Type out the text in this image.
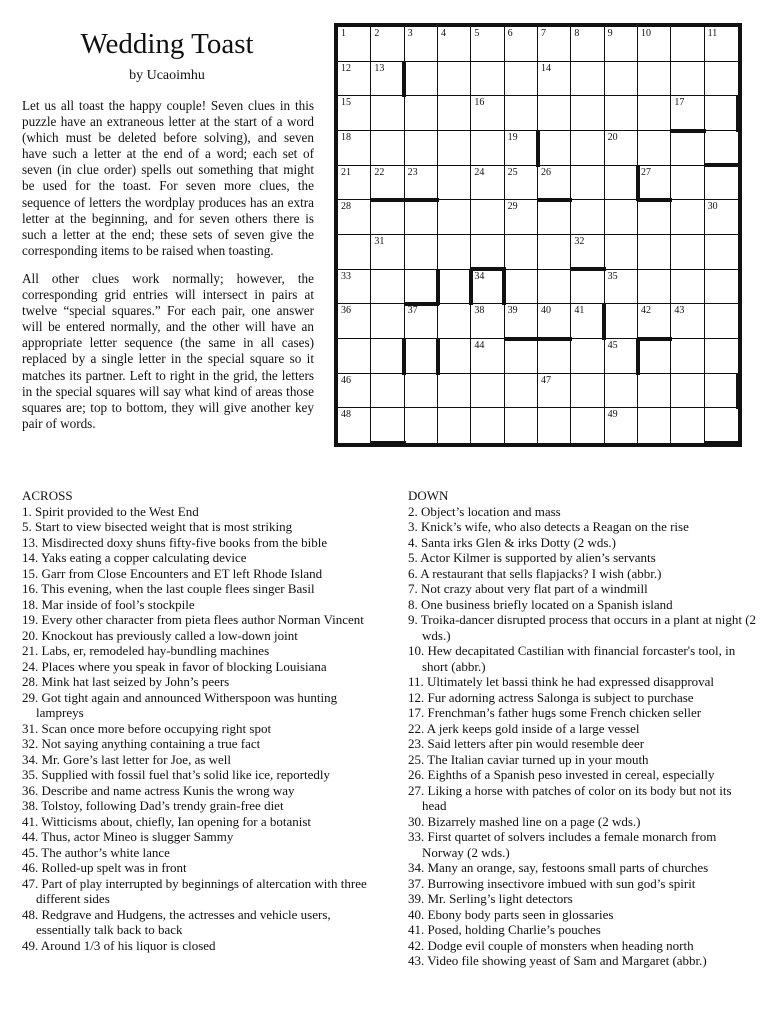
Wedding Toast
by Ucaoimhu

Let us all toast the happy couple! Seven clues in this puzzle have an extraneous letter at the start of a word (which must be deleted before solving), and seven have such a letter at the end of a word; each set of seven (in clue order) spells out something that might be used for the toast. For seven more clues, the sequence of letters the wordplay produces has an extra letter at the beginning, and for seven others there is such a letter at the end; these sets of seven give the corresponding items to be raised when toasting.

All other clues work normally; however, the corresponding grid entries will intersect in pairs at twelve “special squares.” For each pair, one answer will be entered normally, and the other will have an appropriate letter sequence (the same in all cases) replaced by a single letter in the special square so it matches its partner. Left to right in the grid, the letters in the special squares will say what kind of areas those squares are; top to bottom, they will give another key pair of words.

1	2	3	4	5	6	7	8	9	10	11
12 13	14
15	16	17
18	19	20
21 22 23	24 25 26	27
28	29	30
31	32
33	34	35
36	37	38 39 40 41	42 43
44	45
46	47
48	49
ACROSS
1. Spirit provided to the West End
5. Start to view bisected weight that is most striking
13. Misdirected doxy shuns fifty-five books from the bible
14. Yaks eating a copper calculating device
15. Garr from Close Encounters and ET left Rhode Island
16. This evening, when the last couple flees singer Basil
18. Mar inside of fool’s stockpile
19. Every other character from pieta flees author Norman Vincent
20. Knockout has previously called a low-down joint
21. Labs, er, remodeled hay-bundling machines
24. Places where you speak in favor of blocking Louisiana
28. Mink hat last seized by John’s peers
29. Got tight again and announced Witherspoon was hunting lampreys
31. Scan once more before occupying right spot
32. Not saying anything containing a true fact
34. Mr. Gore’s last letter for Joe, as well
35. Supplied with fossil fuel that’s solid like ice, reportedly
36. Describe and name actress Kunis the wrong way
38. Tolstoy, following Dad’s trendy grain-free diet
41. Witticisms about, chiefly, Ian opening for a botanist
44. Thus, actor Mineo is slugger Sammy
45. The author’s white lance
46. Rolled-up spelt was in front
47. Part of play interrupted by beginnings of altercation with three different sides
48. Redgrave and Hudgens, the actresses and vehicle users, essentially talk back to back
49. Around 1/3 of his liquor is closed
DOWN
2. Object’s location and mass
3. Knick’s wife, who also detects a Reagan on the rise
4. Santa irks Glen & irks Dotty (2 wds.)
5. Actor Kilmer is supported by alien’s servants
6. A restaurant that sells flapjacks? I wish (abbr.)
7. Not crazy about very flat part of a windmill
8. One business briefly located on a Spanish island
9. Troika-dancer disrupted process that occurs in a plant at night (2 wds.)
10. Hew decapitated Castilian with financial forcaster's tool, in short (abbr.)
11. Ultimately let bassi think he had expressed disapproval
12. Fur adorning actress Salonga is subject to purchase
17. Frenchman’s father hugs some French chicken seller
22. A jerk keeps gold inside of a large vessel
23. Said letters after pin would resemble deer
25. The Italian caviar turned up in your mouth
26. Eighths of a Spanish peso invested in cereal, especially
27. Liking a horse with patches of color on its body but not its head
30. Bizarrely mashed line on a page (2 wds.)
33. First quartet of solvers includes a female monarch from Norway (2 wds.)
34. Many an orange, say, festoons small parts of churches
37. Burrowing insectivore imbued with sun god’s spirit
39. Mr. Serling’s light detectors
40. Ebony body parts seen in glossaries
41. Posed, holding Charlie’s pouches
42. Dodge evil couple of monsters when heading north
43. Video file showing yeast of Sam and Margaret (abbr.)
